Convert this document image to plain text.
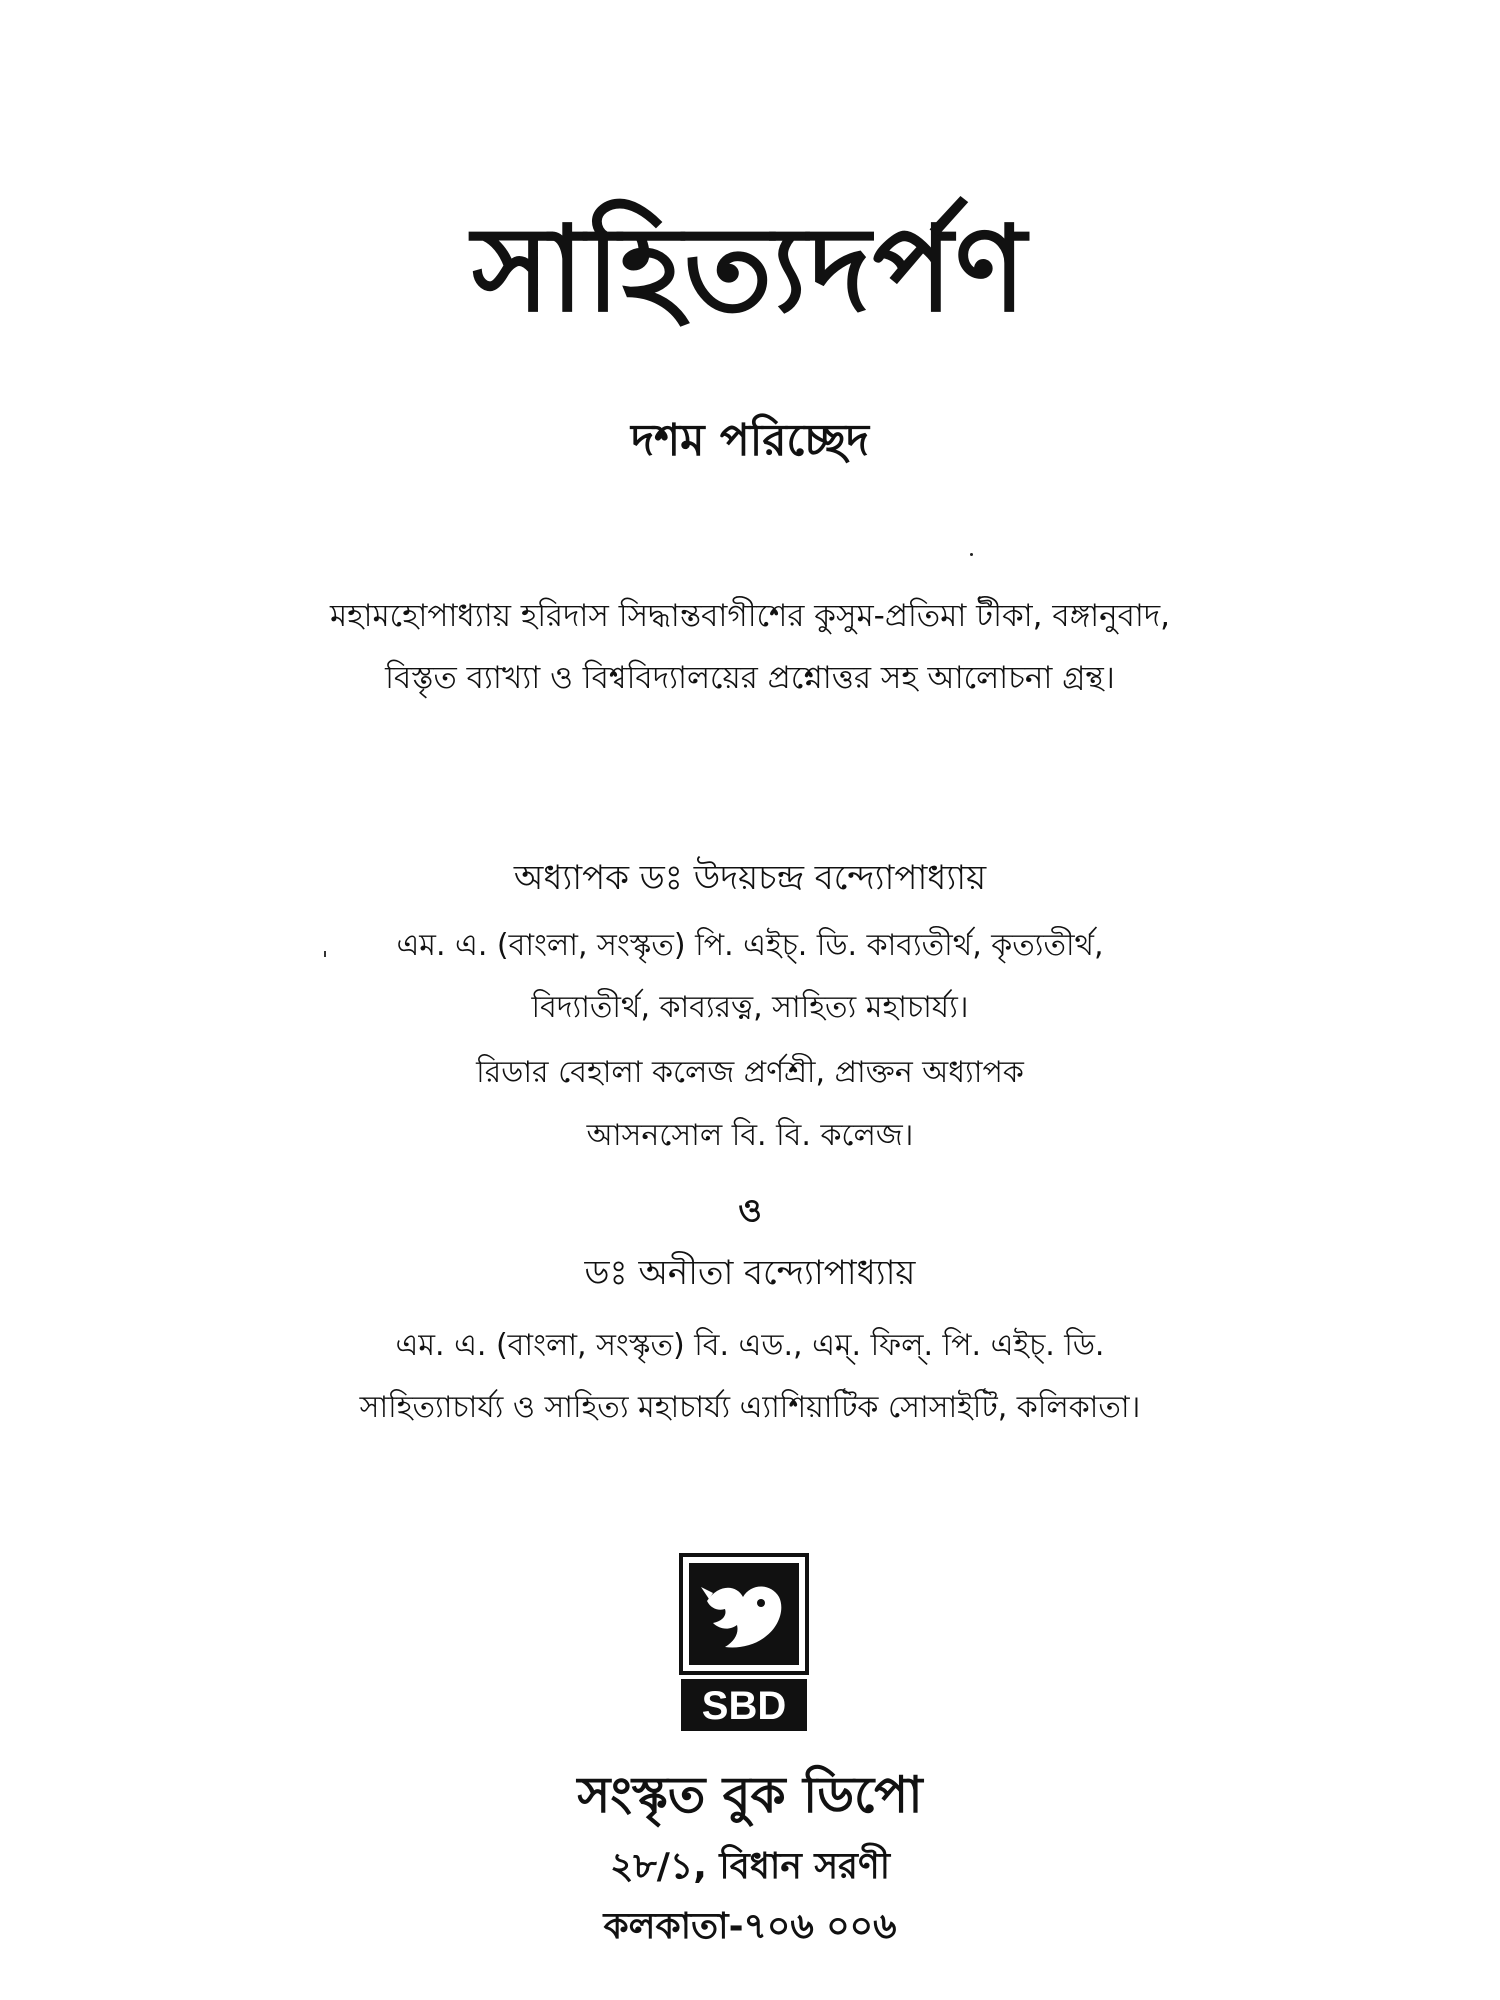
সাহিত্যদর্পণ
দশম পরিচ্ছেদ
মহামহোপাধ্যায় হরিদাস সিদ্ধান্তবাগীশের কুসুম-প্রতিমা টীকা, বঙ্গানুবাদ,
বিস্তৃত ব্যাখ্যা ও বিশ্ববিদ্যালয়ের প্রশ্নোত্তর সহ আলোচনা গ্রন্থ।
অধ্যাপক ডঃ উদয়চন্দ্র বন্দ্যোপাধ্যায়
এম. এ. (বাংলা, সংস্কৃত) পি. এইচ্. ডি. কাব্যতীর্থ, কৃত্যতীর্থ,
বিদ্যাতীর্থ, কাব্যরত্ন, সাহিত্য মহাচার্য্য।
রিডার বেহালা কলেজ প্রর্ণশ্রী, প্রাক্তন অধ্যাপক
আসনসোল বি. বি. কলেজ।
ও
ডঃ অনীতা বন্দ্যোপাধ্যায়
এম. এ. (বাংলা, সংস্কৃত) বি. এড., এম্. ফিল্. পি. এইচ্. ডি.
সাহিত্যাচার্য্য ও সাহিত্য মহাচার্য্য এ্যাশিয়াটিক সোসাইটি, কলিকাতা।
SBD
সংস্কৃত বুক ডিপো
২৮/১, বিধান সরণী
কলকাতা-৭০৬ ০০৬
